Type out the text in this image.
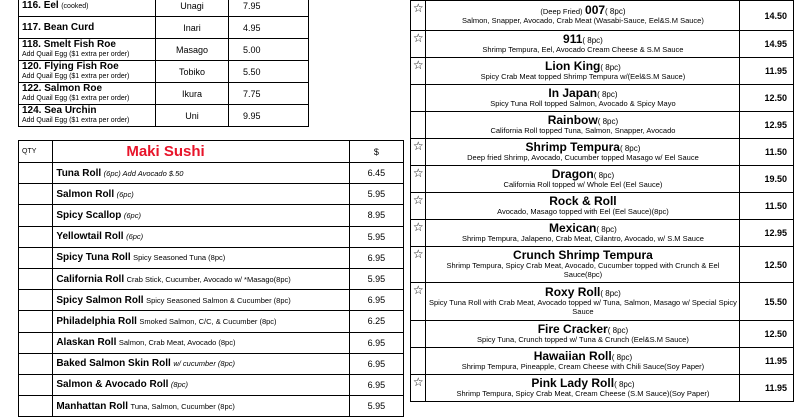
116. Eel (cooked)	Unagi	7.95
117. Bean Curd	Inari	4.95
118. Smelt Fish Roe
Add Quail Egg ($1 extra per order)	Masago	5.00
120. Flying Fish Roe
Add Quail Egg ($1 extra per order)	Tobiko	5.50
122. Salmon Roe
Add Quail Egg ($1 extra per order)	Ikura	7.75
124. Sea Urchin
Add Quail Egg ($1 extra per order)	Uni	9.95
QTY	Maki Sushi	$
	Tuna Roll (6pc) Add Avocado $.50	6.45
	Salmon Roll (6pc)	5.95
	Spicy Scallop (6pc)	8.95
	Yellowtail Roll (6pc)	5.95
	Spicy Tuna Roll Spicy Seasoned Tuna (8pc)	6.95
	California Roll Crab Stick, Cucumber, Avocado w/ *Masago(8pc)	5.95
	Spicy Salmon Roll Spicy Seasoned Salmon & Cucumber (8pc)	6.95
	Philadelphia Roll Smoked Salmon, C/C, & Cucumber (8pc)	6.25
	Alaskan Roll Salmon, Crab Meat, Avocado (8pc)	6.95
	Baked Salmon Skin Roll w/ cucumber (8pc)	6.95
	Salmon & Avocado Roll (8pc)	6.95
	Manhattan Roll Tuna, Salmon, Cucumber (8pc)	5.95

☆	(Deep Fried) 007( 8pc)
Salmon, Snapper, Avocado, Crab Meat (Wasabi-Sauce, Eel&S.M Sauce)	14.50
☆	911( 8pc)
Shrimp Tempura, Eel, Avocado Cream Cheese & S.M Sauce	14.95
☆	Lion King( 8pc)
Spicy Crab Meat topped Shrimp Tempura w/(Eel&S.M Sauce)	11.95

	In Japan( 8pc)
Spicy Tuna Roll topped Salmon, Avocado & Spicy Mayo	12.50

	Rainbow( 8pc)
California Roll topped Tuna, Salmon, Snapper, Avocado	12.95
☆	Shrimp Tempura( 8pc)
Deep fried Shrimp, Avocado, Cucumber topped Masago w/ Eel Sauce	11.50
☆	Dragon( 8pc)
California Roll topped w/ Whole Eel (Eel Sauce)	19.50
☆	Rock & Roll
Avocado, Masago topped with Eel (Eel Sauce)(8pc)	11.50
☆	Mexican( 8pc)
Shrimp Tempura, Jalapeno, Crab Meat, Cilantro, Avocado, w/ S.M Sauce	12.95
☆	Crunch Shrimp Tempura
Shrimp Tempura, Spicy Crab Meat, Avocado, Cucumber topped with Crunch & Eel Sauce(8pc)	12.50
☆	Roxy Roll( 8pc)
Spicy Tuna Roll with Crab Meat, Avocado topped w/ Tuna, Salmon, Masago w/ Special Spicy Sauce	15.50

	Fire Cracker( 8pc)
Spicy Tuna, Crunch topped w/ Tuna & Crunch (Eel&S.M Sauce)	12.50

	Hawaiian Roll( 8pc)
Shrimp Tempura, Pineapple, Cream Cheese with Chili Sauce(Soy Paper)	11.95
☆	Pink Lady Roll( 8pc)
Shrimp Tempura, Spicy Crab Meat, Cream Cheese (S.M Sauce)(Soy Paper)	11.95
